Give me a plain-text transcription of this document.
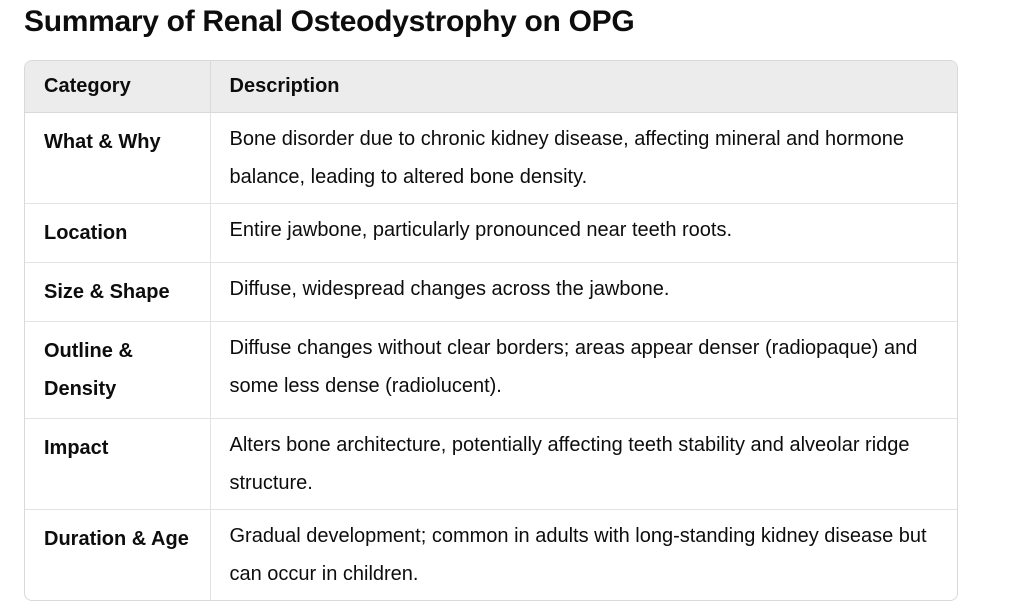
Summary of Renal Osteodystrophy on OPG
Category	Description
What & Why	Bone disorder due to chronic kidney disease, affecting mineral and hormone balance, leading to altered bone density.
Location	Entire jawbone, particularly pronounced near teeth roots.
Size & Shape	Diffuse, widespread changes across the jawbone.
Outline & Density	Diffuse changes without clear borders; areas appear denser (radiopaque) and some less dense (radiolucent).
Impact	Alters bone architecture, potentially affecting teeth stability and alveolar ridge structure.
Duration & Age	Gradual development; common in adults with long-standing kidney disease but can occur in children.
